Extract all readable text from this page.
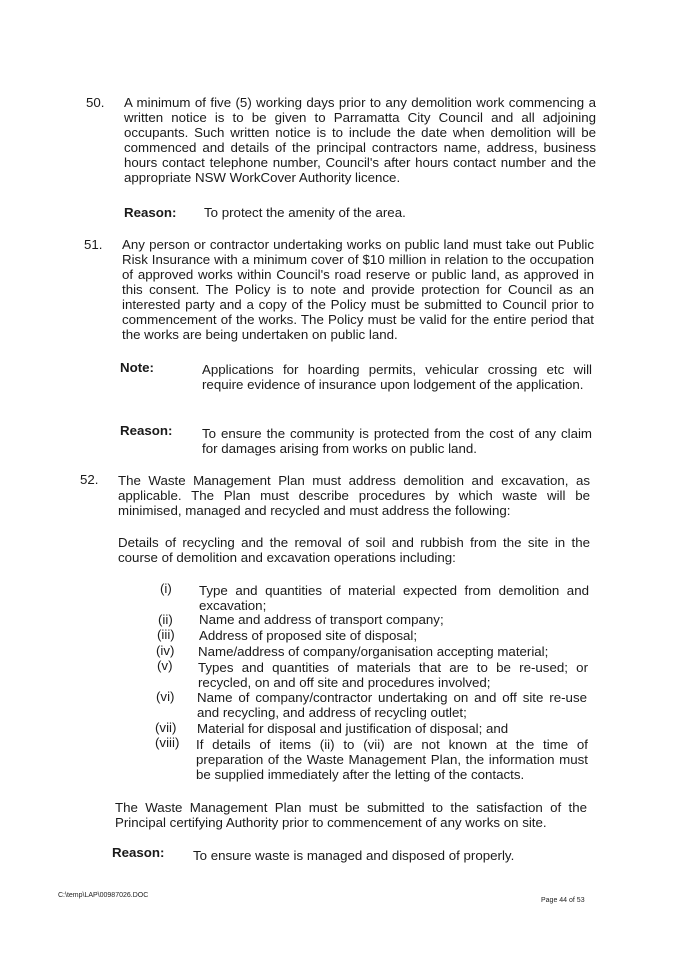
50. A minimum of five (5) working days prior to any demolition work commencing a written notice is to be given to Parramatta City Council and all adjoining occupants. Such written notice is to include the date when demolition will be commenced and details of the principal contractors name, address, business hours contact telephone number, Council's after hours contact number and the appropriate NSW WorkCover Authority licence.
Reason: To protect the amenity of the area.
51. Any person or contractor undertaking works on public land must take out Public Risk Insurance with a minimum cover of $10 million in relation to the occupation of approved works within Council's road reserve or public land, as approved in this consent. The Policy is to note and provide protection for Council as an interested party and a copy of the Policy must be submitted to Council prior to commencement of the works. The Policy must be valid for the entire period that the works are being undertaken on public land.
Note:	Applications for hoarding permits, vehicular crossing etc will require evidence of insurance upon lodgement of the application.
Reason: To ensure the community is protected from the cost of any claim for damages arising from works on public land.
52. The Waste Management Plan must address demolition and excavation, as applicable. The Plan must describe procedures by which waste will be minimised, managed and recycled and must address the following:
Details of recycling and the removal of soil and rubbish from the site in the course of demolition and excavation operations including:
(i) Type and quantities of material expected from demolition and excavation;
(ii) Name and address of transport company;
(iii) Address of proposed site of disposal;
(iv) Name/address of company/organisation accepting material;
(v) Types and quantities of materials that are to be re-used; or recycled, on and off site and procedures involved;
(vi) Name of company/contractor undertaking on and off site re-use and recycling, and address of recycling outlet;
(vii) Material for disposal and justification of disposal; and
(viii) If details of items (ii) to (vii) are not known at the time of preparation of the Waste Management Plan, the information must be supplied immediately after the letting of the contacts.
The Waste Management Plan must be submitted to the satisfaction of the Principal certifying Authority prior to commencement of any works on site.
Reason: To ensure waste is managed and disposed of properly.
C:\temp\LAP\00987026.DOC
Page 44 of 53
